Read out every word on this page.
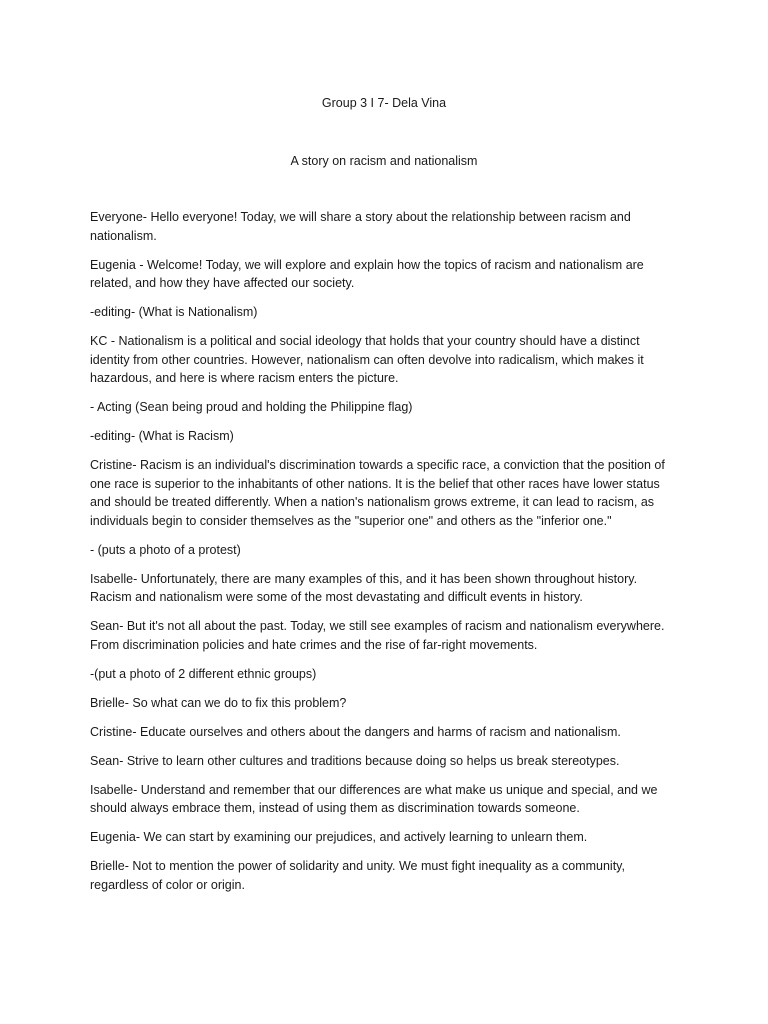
Group 3 I 7- Dela Vina
A story on racism and nationalism

Everyone- Hello everyone! Today, we will share a story about the relationship between racism and nationalism.

Eugenia - Welcome! Today, we will explore and explain how the topics of racism and nationalism are related, and how they have affected our society.

-editing- (What is Nationalism)

KC - Nationalism is a political and social ideology that holds that your country should have a distinct identity from other countries. However, nationalism can often devolve into radicalism, which makes it hazardous, and here is where racism enters the picture.

- Acting (Sean being proud and holding the Philippine flag)

-editing- (What is Racism)

Cristine- Racism is an individual's discrimination towards a specific race, a conviction that the position of one race is superior to the inhabitants of other nations. It is the belief that other races have lower status and should be treated differently. When a nation's nationalism grows extreme, it can lead to racism, as individuals begin to consider themselves as the "superior one" and others as the "inferior one."

- (puts a photo of a protest)

Isabelle- Unfortunately, there are many examples of this, and it has been shown throughout history. Racism and nationalism were some of the most devastating and difficult events in history.

Sean- But it's not all about the past. Today, we still see examples of racism and nationalism everywhere. From discrimination policies and hate crimes and the rise of far-right movements.

-(put a photo of 2 different ethnic groups)

Brielle- So what can we do to fix this problem?

Cristine- Educate ourselves and others about the dangers and harms of racism and nationalism.

Sean- Strive to learn other cultures and traditions because doing so helps us break stereotypes.

Isabelle- Understand and remember that our differences are what make us unique and special, and we should always embrace them, instead of using them as discrimination towards someone.

Eugenia- We can start by examining our prejudices, and actively learning to unlearn them.

Brielle- Not to mention the power of solidarity and unity. We must fight inequality as a community, regardless of color or origin.
